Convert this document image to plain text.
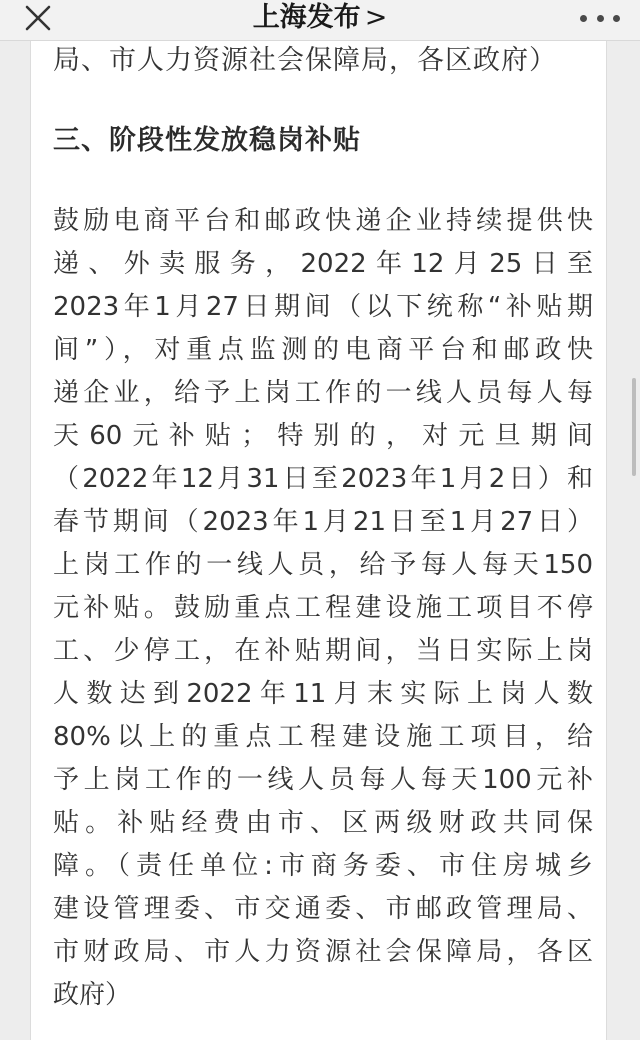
上海发布 >
局、市人力资源社会保障局，各区政府）
三、阶段性发放稳岗补贴
鼓励电商平台和邮政快递企业持续提供快
递、外卖服务，2022年12月25日至
2023年1月27日期间（以下统称“补贴期
间”），对重点监测的电商平台和邮政快
递企业，给予上岗工作的一线人员每人每
天60元补贴；特别的，对元旦期间
（2022年12月31日至2023年1月2日）和
春节期间（2023年1月21日至1月27日）
上岗工作的一线人员，给予每人每天150
元补贴。鼓励重点工程建设施工项目不停
工、少停工，在补贴期间，当日实际上岗
人数达到2022年11月末实际上岗人数
80%以上的重点工程建设施工项目，给
予上岗工作的一线人员每人每天100元补
贴。补贴经费由市、区两级财政共同保
障。（责任单位:市商务委、市住房城乡
建设管理委、市交通委、市邮政管理局、
市财政局、市人力资源社会保障局，各区
政府）
